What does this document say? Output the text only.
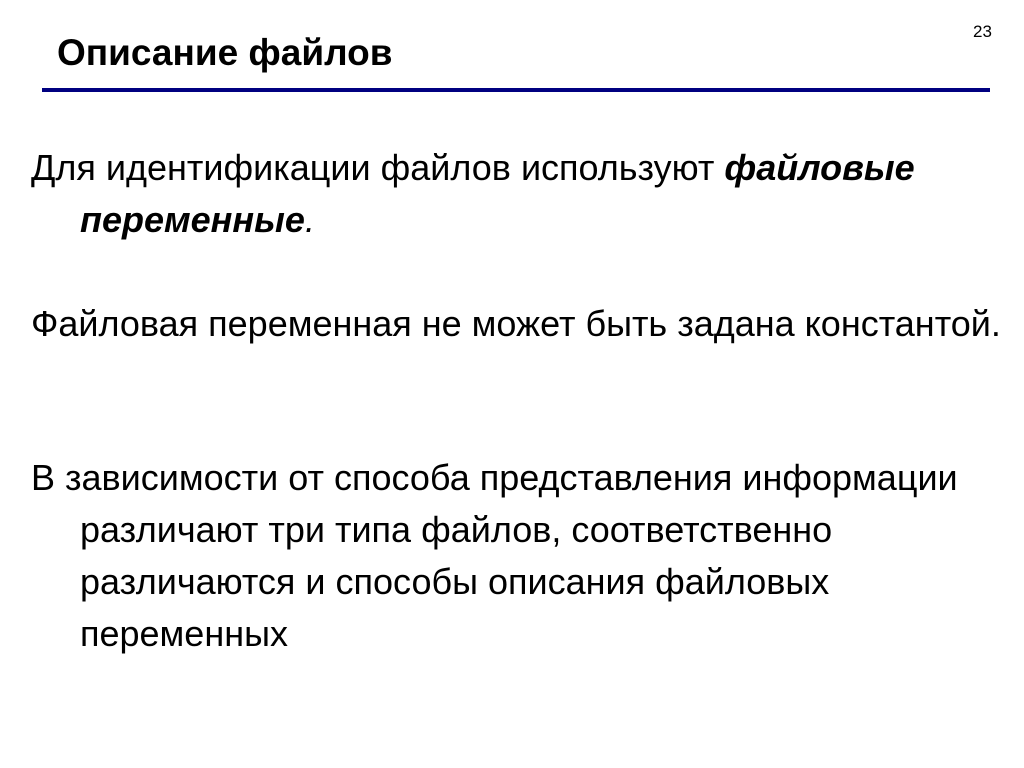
23
Описание файлов
Для идентификации файлов используют файловые переменные.
Файловая переменная не может быть задана константой.
В зависимости от способа представления информации различают три типа файлов, соответственно различаются и способы описания файловых переменных
